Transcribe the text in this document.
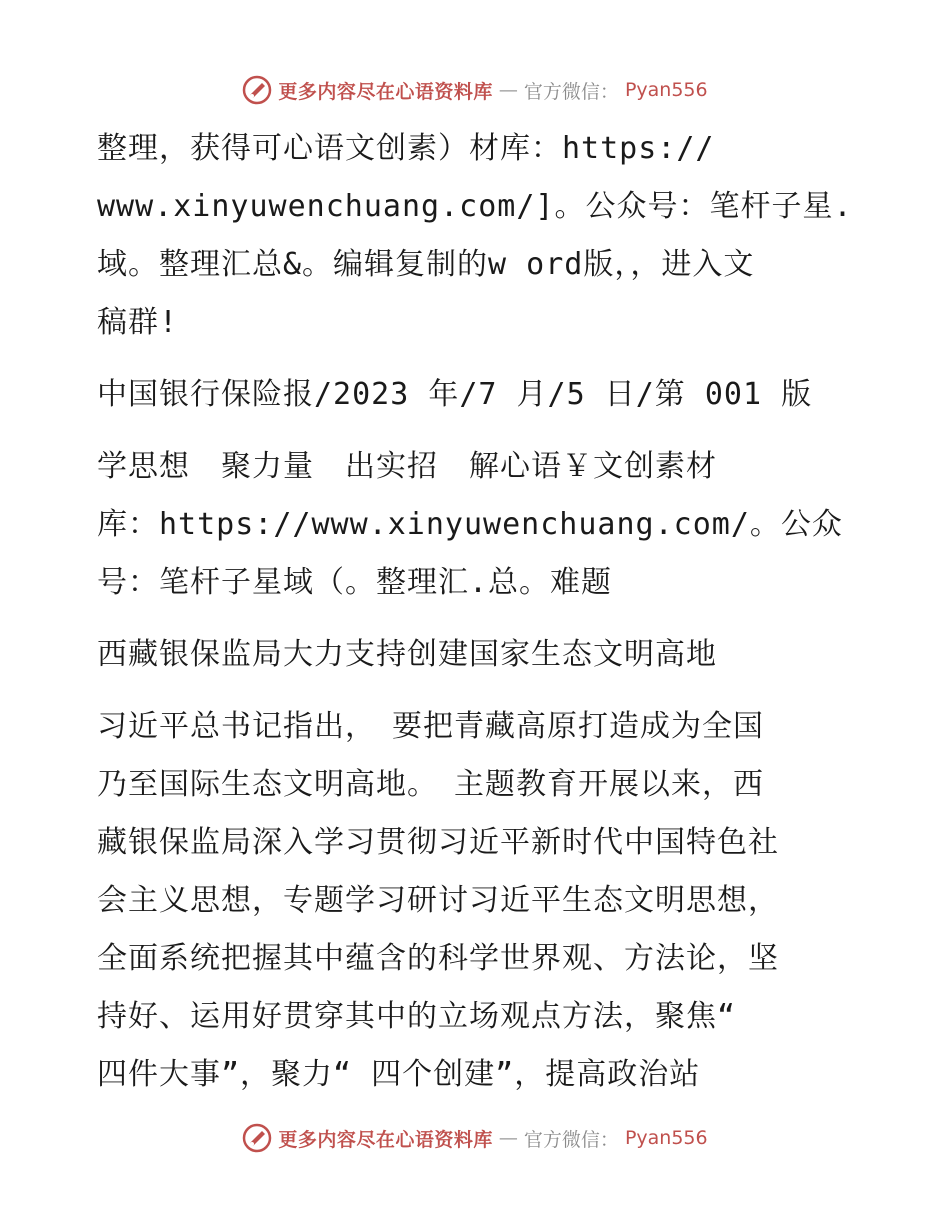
更多内容尽在心语资料库 — 官方微信： Pyan556
整理，获得可心语文创素）材库：https://
www.xinyuwenchuang.com/]。公众号：笔杆子星.
域。整理汇总&。编辑复制的w ord版，，进入文
稿群!
中国银行保险报/2023 年/7 月/5 日/第 001 版
学思想　聚力量　出实招　解心语￥文创素材
库：https://www.xinyuwenchuang.com/。公众
号：笔杆子星域（。整理汇.总。难题
西藏银保监局大力支持创建国家生态文明高地
习近平总书记指出，　要把青藏高原打造成为全国
乃至国际生态文明高地。　主题教育开展以来，西
藏银保监局深入学习贯彻习近平新时代中国特色社
会主义思想，专题学习研讨习近平生态文明思想，
全面系统把握其中蕴含的科学世界观、方法论，坚
持好、运用好贯穿其中的立场观点方法，聚焦“
四件大事”，聚力“ 四个创建”，提高政治站
更多内容尽在心语资料库 — 官方微信： Pyan556
